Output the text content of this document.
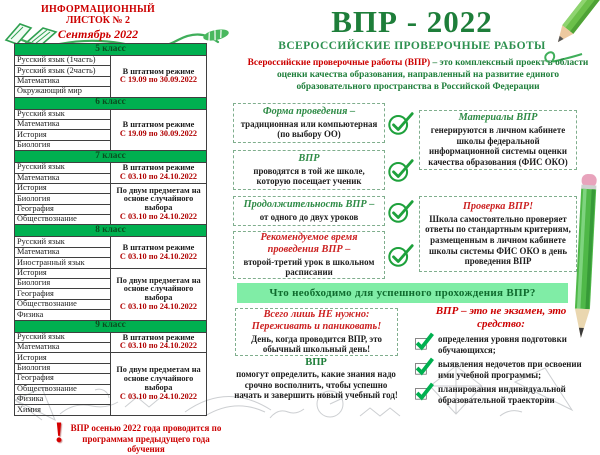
ИНФОРМАЦИОННЫЙ
ЛИСТОК № 2
Сентябрь 2022	ВПР - 2022
ВСЕРОССИЙСКИЕ ПРОВЕРОЧНЫЕ РАБОТЫ
Всероссийские проверочные работы (ВПР) – это комплексный проект в области оценки качества образования, направленный на развитие единого образовательного пространства в Российской Федерации
5 класс	
Русский язык (1часть)	В штатном режиме
С 19.09 по 30.09.2022

Русский язык (2часть)	
Математика	
Окружающий мир	
6 класс	
Русский язык	В штатном режиме
С 19.09 по 30.09.2022

Математика	
История	
Биология	
7 класс	
Русский язык	В штатном режиме
С 03.10 по 24.10.2022

Математика	
История	По двум предметам на основе случайного выбора
С 03.10 по 24.10.2022

Биология	
География	
Обществознание	
8 класс	
Русский язык	В штатном режиме
С 03.10 по 24.10.2022

Математика	
Иностранный язык	
История	По двум предметам на основе случайного выбора
С 03.10 по 24.10.2022

Биология	
География	
Обществознание	
Физика	
9 класс	
Русский язык	В штатном режиме
С 03.10 по 24.10.2022

Математика	
История	По двум предметам на основе случайного выбора
С 03.10 по 24.10.2022

Биология	
География	
Обществознание	
Физика	
Химия	
! ВПР осенью 2022 года проводится по программам предыдущего года обучения
Форма проведения –
традиционная или компьютерная (по выбору ОО)
ВПР
проводятся в той же школе, которую посещает ученик
Продолжительность ВПР –
от одного до двух уроков
Рекомендуемое время проведения ВПР –
второй-третий урок в школьном расписании
Материалы ВПР
генерируются в личном кабинете школы федеральной информационной системы оценки качества образования (ФИС ОКО)
Проверка ВПР!
Школа самостоятельно проверяет ответы по стандартным критериям, размещенным в личном кабинете школы системы ФИС ОКО в день проведения ВПР
Что необходимо для успешного прохождения ВПР?
Всего лишь НЕ нужно:
Переживать и паниковать!
День, когда проводится ВПР, это обычный школьный день!
ВПР
помогут определить, какие знания надо срочно восполнить, чтобы успешно начать и завершить новый учебный год!
ВПР – это не экзамен, это средство:
определения уровня подготовки обучающихся;
выявления недочетов при освоении ими учебной программы;
планирования индивидуальной образовательной траектории
